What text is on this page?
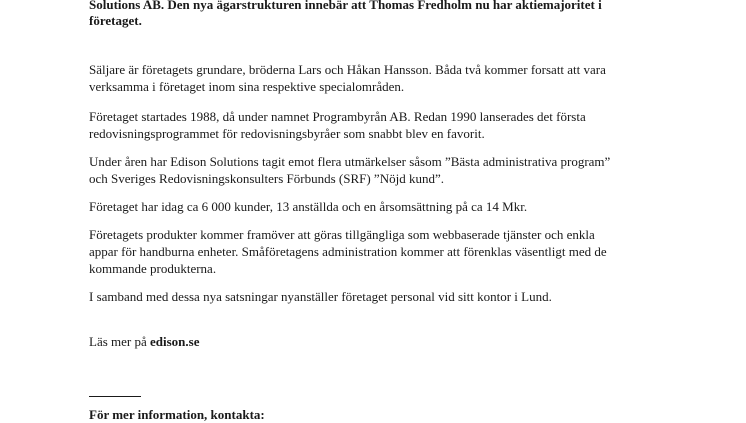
Solutions AB. Den nya ägarstrukturen innebär att Thomas Fredholm nu har aktiemajoritet i
företaget.
Säljare är företagets grundare, bröderna Lars och Håkan Hansson. Båda två kommer forsatt att vara
verksamma i företaget inom sina respektive specialområden.
Företaget startades 1988, då under namnet Programbyrån AB. Redan 1990 lanserades det första
redovisningsprogrammet för redovisningsbyråer som snabbt blev en favorit.
Under åren har Edison Solutions tagit emot flera utmärkelser såsom ”Bästa administrativa program”
och Sveriges Redovisningskonsulters Förbunds (SRF) ”Nöjd kund”.
Företaget har idag ca 6 000 kunder, 13 anställda och en årsomsättning på ca 14 Mkr.
Företagets produkter kommer framöver att göras tillgängliga som webbaserade tjänster och enkla
appar för handburna enheter. Småföretagens administration kommer att förenklas väsentligt med de
kommande produkterna.
I samband med dessa nya satsningar nyanställer företaget personal vid sitt kontor i Lund.
Läs mer på edison.se
För mer information, kontakta:
